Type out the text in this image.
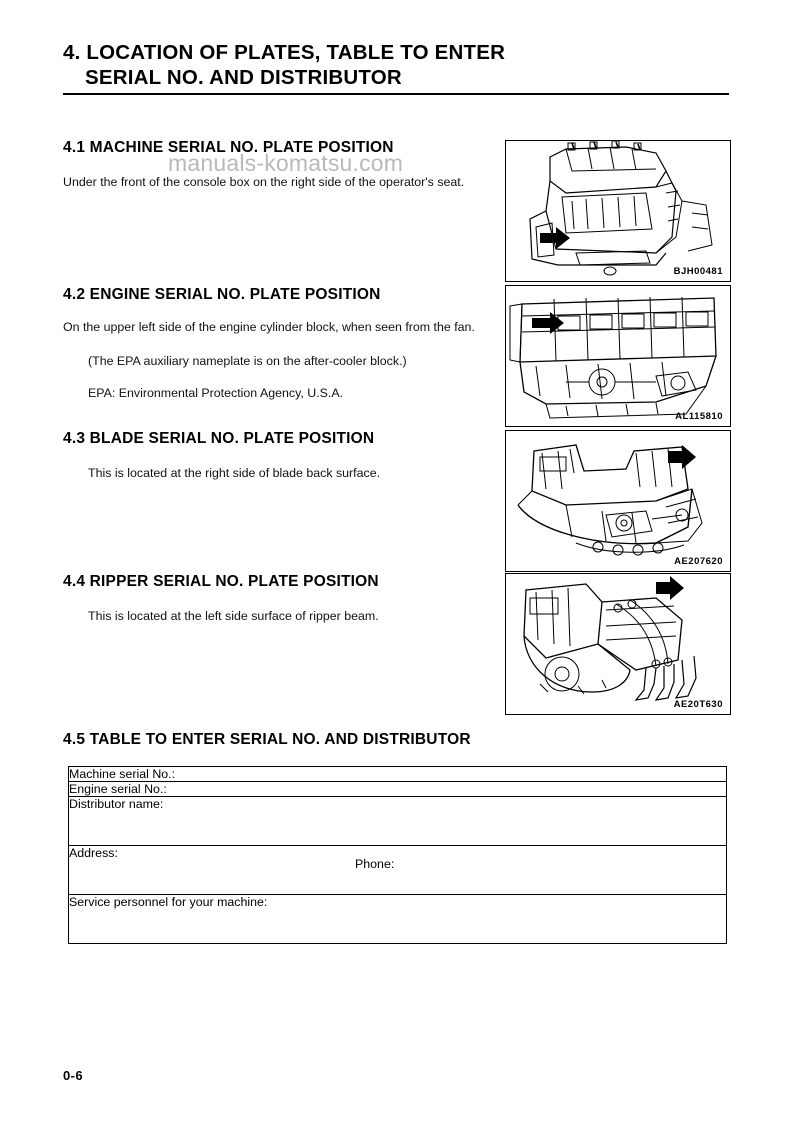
4. LOCATION OF PLATES, TABLE TO ENTER
SERIAL NO. AND DISTRIBUTOR
manuals-komatsu.com
4.1 MACHINE SERIAL NO. PLATE POSITION
Under the front of the console box on the right side of the operator's seat.
BJH00481
4.2 ENGINE SERIAL NO. PLATE POSITION
On the upper left side of the engine cylinder block, when seen from the fan.
(The EPA auxiliary nameplate is on the after-cooler block.)
EPA: Environmental Protection Agency, U.S.A.
AL115810
4.3 BLADE SERIAL NO. PLATE POSITION
This is located at the right side of blade back surface.
AE207620
4.4 RIPPER SERIAL NO. PLATE POSITION
This is located at the left side surface of ripper beam.
AE20T630
4.5 TABLE TO ENTER SERIAL NO. AND DISTRIBUTOR
Machine serial No.:
Engine serial No.:
Distributor name:
Address:
Phone:

Service personnel for your machine:
0-6
